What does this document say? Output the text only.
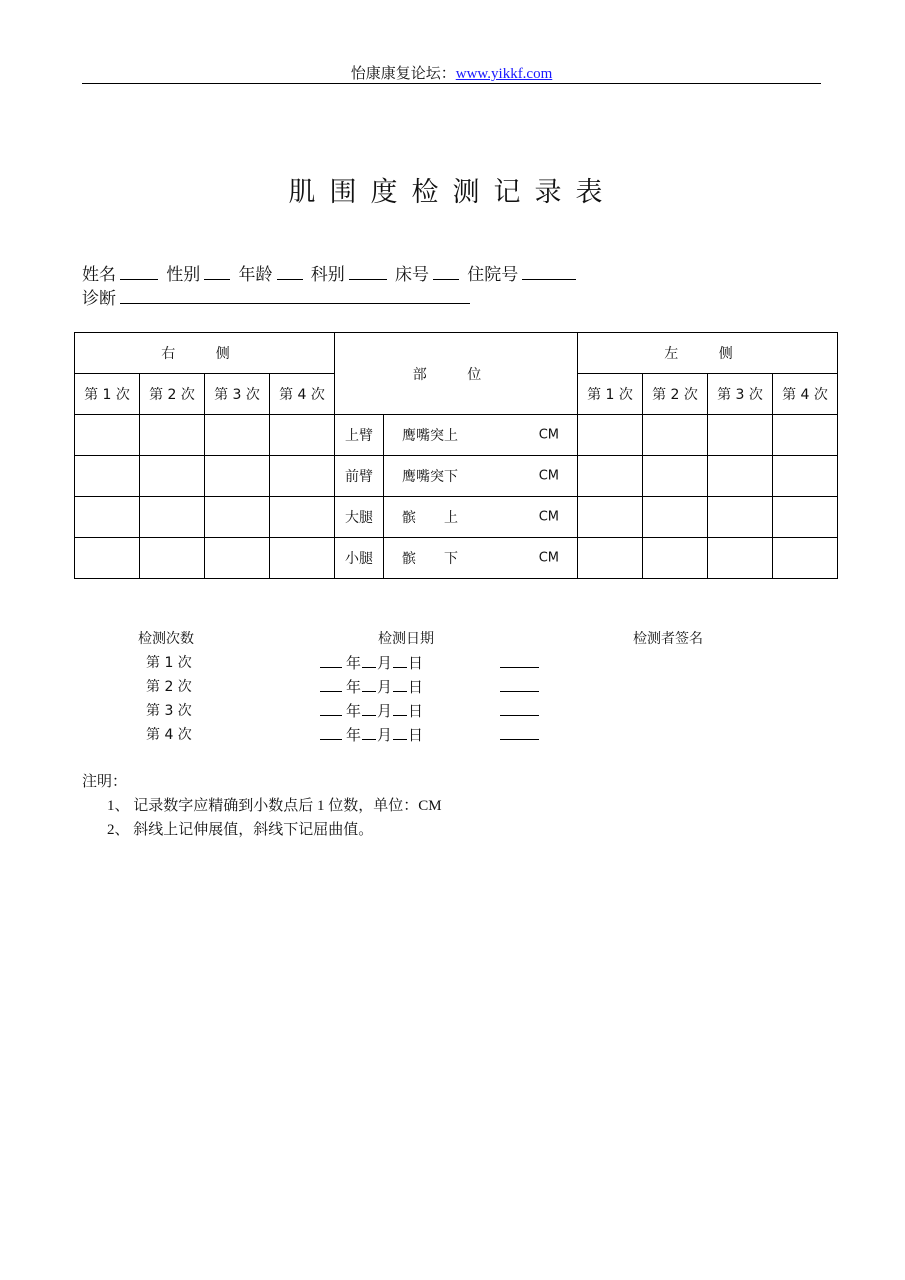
怡康康复论坛：www.yikkf.com
肌围度检测记录表
姓名	性别 年龄 科别	床号 住院号
诊断
右 侧				部 位		左 侧			
第 1 次	第 2 次	第 3 次	第 4 次			第 1 次	第 2 次	第 3 次	第 4 次
				上臂	鹰嘴突上 CM				

				前臂	鹰嘴突下 CM				

				大腿	髌　　上 CM				

				小腿	髌　　下 CM				

检测次数	检测日期	检测者签名
第 1 次	年 月 日
第 2 次	年 月 日
第 3 次	年 月 日
第 4 次	年 月 日
注明：
1、 记录数字应精确到小数点后 1 位数，单位：CM
2、 斜线上记伸展值，斜线下记屈曲值。
